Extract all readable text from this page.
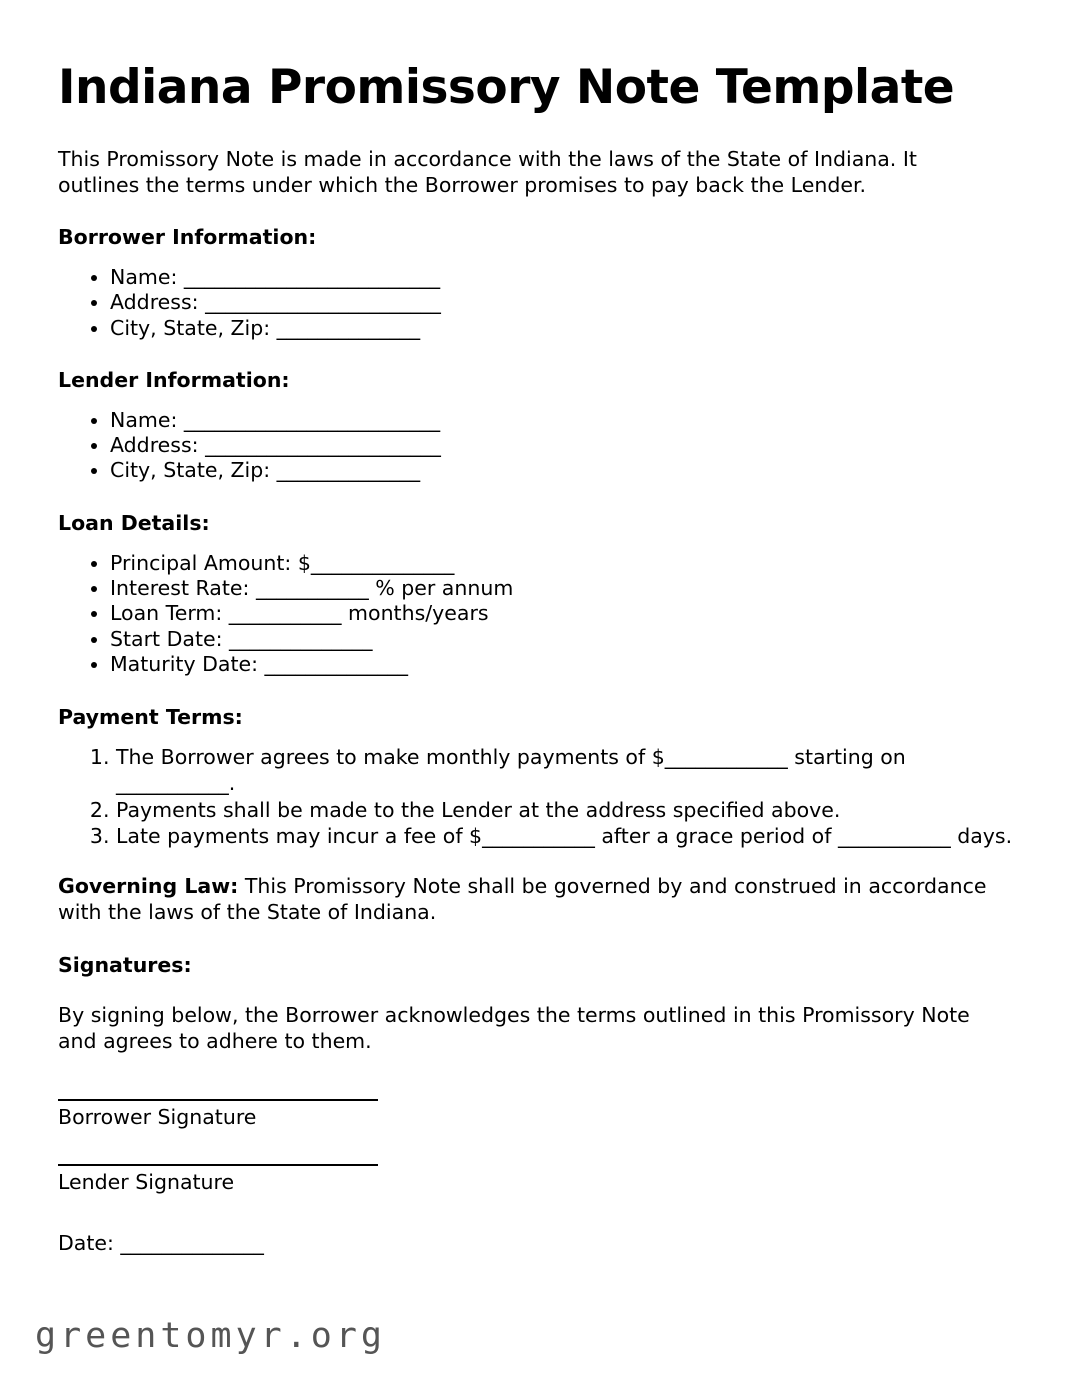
Indiana Promissory Note Template

This Promissory Note is made in accordance with the laws of the State of Indiana. It outlines the terms under which the Borrower promises to pay back the Lender.

Borrower Information:
• Name: _________________________
• Address: _______________________
• City, State, Zip: ______________
Lender Information:
• Name: _________________________
• Address: _______________________
• City, State, Zip: ______________
Loan Details:
• Principal Amount: $______________
• Interest Rate: ___________ % per annum
• Loan Term: ___________ months/years
• Start Date: ______________
• Maturity Date: ______________
Payment Terms:
1. The Borrower agrees to make monthly payments of $____________ starting on ___________.
2. Payments shall be made to the Lender at the address specified above.
3. Late payments may incur a fee of $___________ after a grace period of ___________ days.

Governing Law: This Promissory Note shall be governed by and construed in accordance with the laws of the State of Indiana.

Signatures:

By signing below, the Borrower acknowledges the terms outlined in this Promissory Note and agrees to adhere to them.

Borrower Signature
Lender Signature
Date: ______________
greentomyr.org
